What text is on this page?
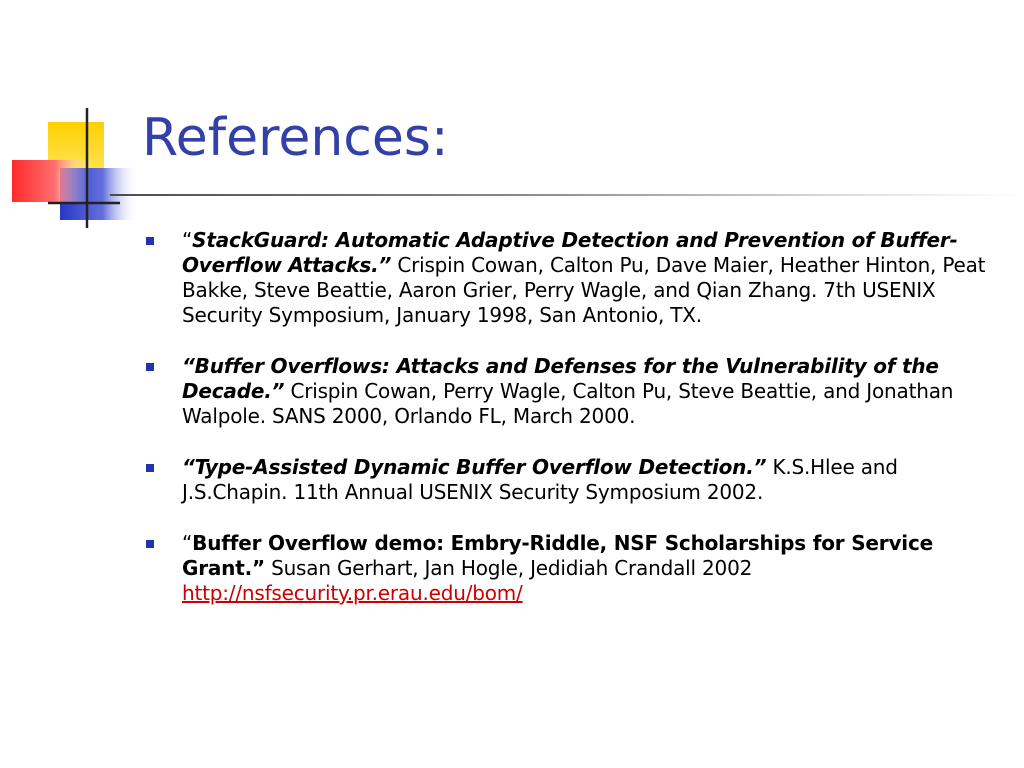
References:
“StackGuard: Automatic Adaptive Detection and Prevention of Buffer-Overflow Attacks.” Crispin Cowan, Calton Pu, Dave Maier, Heather Hinton, Peat Bakke, Steve Beattie, Aaron Grier, Perry Wagle, and Qian Zhang. 7th USENIX Security Symposium, January 1998, San Antonio, TX.
“Buffer Overflows: Attacks and Defenses for the Vulnerability of the Decade.” Crispin Cowan, Perry Wagle, Calton Pu, Steve Beattie, and Jonathan Walpole. SANS 2000, Orlando FL, March 2000.
“Type-Assisted Dynamic Buffer Overflow Detection.” K.S.Hlee and J.S.Chapin. 11th Annual USENIX Security Symposium 2002.
“Buffer Overflow demo: Embry-Riddle, NSF Scholarships for Service Grant.” Susan Gerhart, Jan Hogle, Jedidiah Crandall 2002
http://nsfsecurity.pr.erau.edu/bom/
